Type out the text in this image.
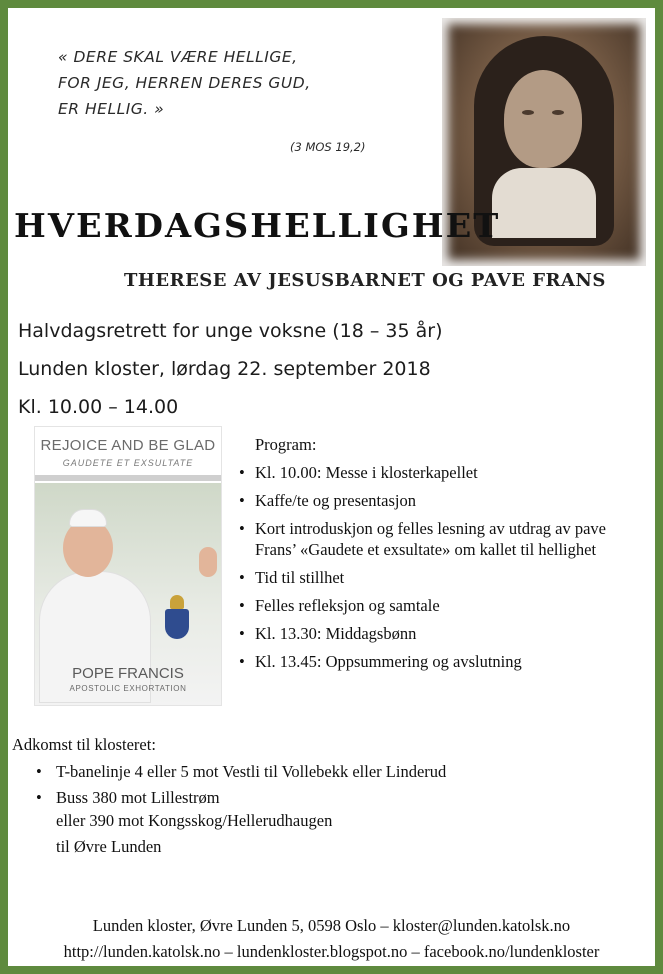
« DERE SKAL VÆRE HELLIGE,
FOR JEG, HERREN DERES GUD,
ER HELLIG. »
(3 MOS 19,2)
HVERDAGSHELLIGHET
THERESE AV JESUSBARNET OG PAVE FRANS
Halvdagsretrett for unge voksne (18 – 35 år)
Lunden kloster, lørdag 22. september 2018
Kl. 10.00 – 14.00
REJOICE AND BE GLAD
GAUDETE ET EXSULTATE
POPE FRANCIS
APOSTOLIC EXHORTATION
Program:
• Kl. 10.00: Messe i klosterkapellet
• Kaffe/te og presentasjon
• Kort introduskjon og felles lesning av utdrag av pave Frans’ «Gaudete et exsultate» om kallet til hellighet
• Tid til stillhet
• Felles refleksjon og samtale
• Kl. 13.30: Middagsbønn
• Kl. 13.45: Oppsummering og avslutning
Adkomst til klosteret:
• T-banelinje 4 eller 5 mot Vestli til Vollebekk eller Linderud
• Buss 380 mot Lillestrøm
eller 390 mot Kongsskog/Hellerudhaugen
til Øvre Lunden
Lunden kloster, Øvre Lunden 5, 0598 Oslo – kloster@lunden.katolsk.no
http://lunden.katolsk.no – lundenkloster.blogspot.no – facebook.no/lundenkloster
